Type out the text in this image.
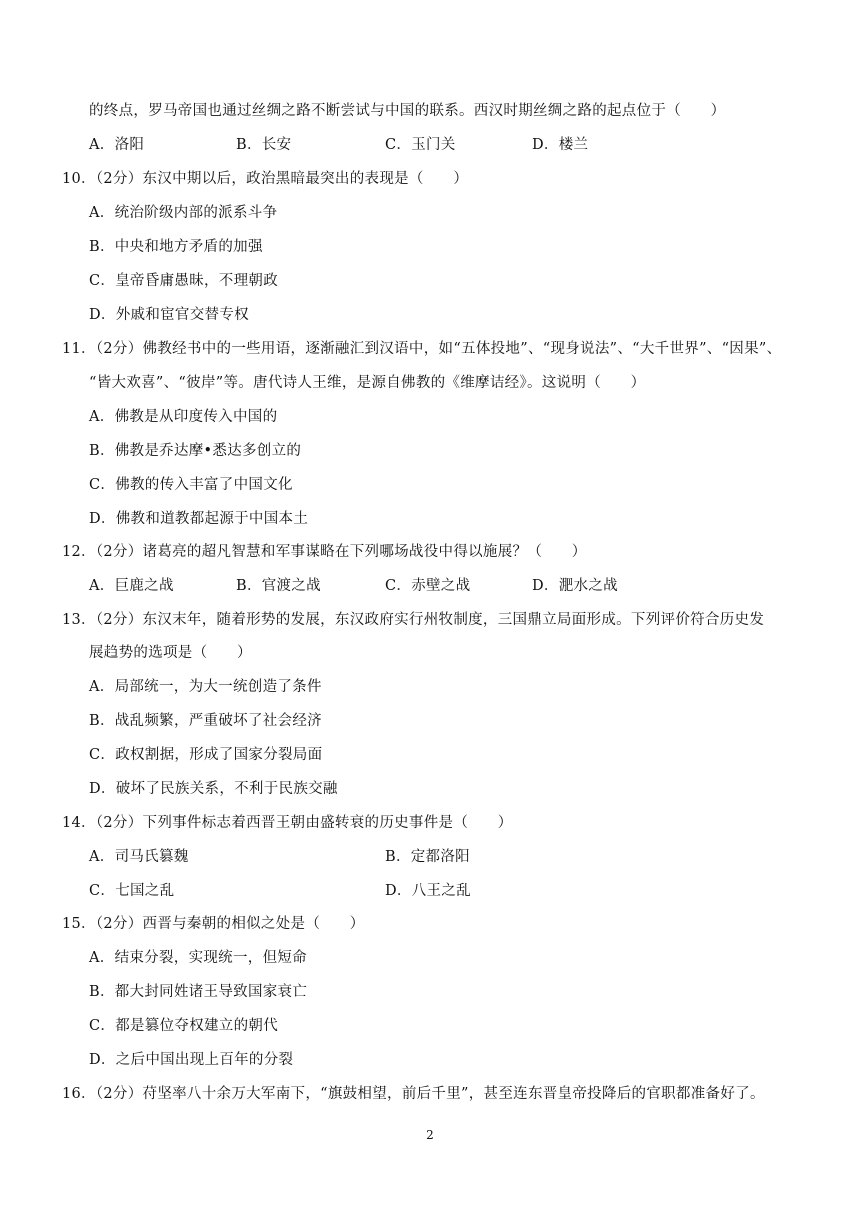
的终点，罗马帝国也通过丝绸之路不断尝试与中国的联系。西汉时期丝绸之路的起点位于（　　）
A．洛阳	B．长安	C．玉门关	D．楼兰
10．（2分）东汉中期以后，政治黑暗最突出的表现是（　　）
A．统治阶级内部的派系斗争
B．中央和地方矛盾的加强
C．皇帝昏庸愚昧，不理朝政
D．外戚和宦官交替专权
11．（2分）佛教经书中的一些用语，逐渐融汇到汉语中，如“五体投地”、“现身说法”、“大千世界”、“因果”、
“皆大欢喜”、“彼岸”等。唐代诗人王维，是源自佛教的《维摩诘经》。这说明（　　）
A．佛教是从印度传入中国的
B．佛教是乔达摩•悉达多创立的
C．佛教的传入丰富了中国文化
D．佛教和道教都起源于中国本土
12．（2分）诸葛亮的超凡智慧和军事谋略在下列哪场战役中得以施展？（　　）
A．巨鹿之战	B．官渡之战	C．赤壁之战	D．淝水之战
13．（2分）东汉末年，随着形势的发展，东汉政府实行州牧制度，三国鼎立局面形成。下列评价符合历史发
展趋势的选项是（　　）
A．局部统一，为大一统创造了条件
B．战乱频繁，严重破坏了社会经济
C．政权割据，形成了国家分裂局面
D．破坏了民族关系，不利于民族交融
14．（2分）下列事件标志着西晋王朝由盛转衰的历史事件是（　　）
A．司马氏篡魏	B．定都洛阳
C．七国之乱	D．八王之乱
15．（2分）西晋与秦朝的相似之处是（　　）
A．结束分裂，实现统一，但短命
B．都大封同姓诸王导致国家衰亡
C．都是篡位夺权建立的朝代
D．之后中国出现上百年的分裂
16．（2分）苻坚率八十余万大军南下，“旗鼓相望，前后千里”，甚至连东晋皇帝投降后的官职都准备好了。
2
